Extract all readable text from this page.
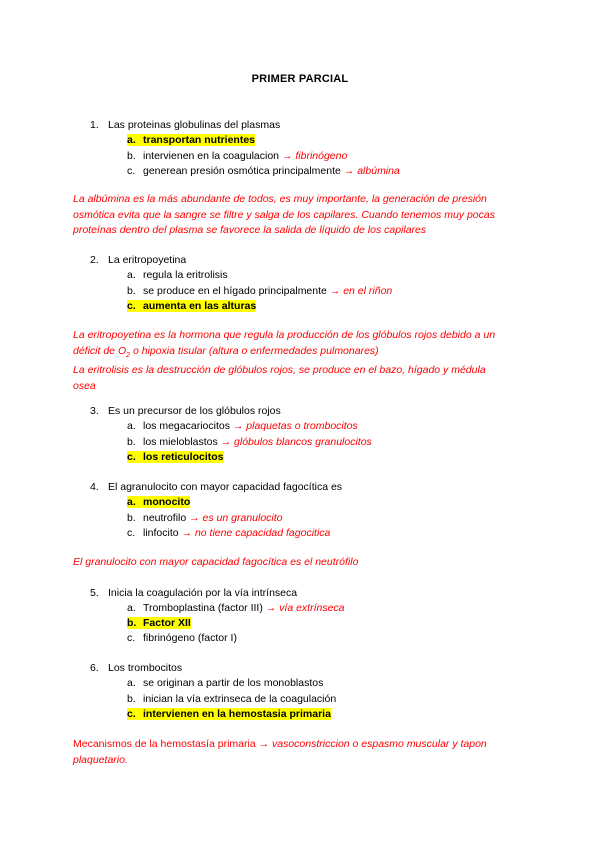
PRIMER PARCIAL
1. Las proteinas globulinas del plasmas
a. transportan nutrientes
b. intervienen en la coagulacion → fibrinógeno
c. generean presión osmótica principalmente → albúmina
La albúmina es la más abundante de todos, es muy importante, la generación de presión
osmótica evita que la sangre se filtre y salga de los capilares. Cuando tenemos muy pocas
proteínas dentro del plasma se favorece la salida de líquido de los capilares
2. La eritropoyetina
a. regula la eritrolisis
b. se produce en el hígado principalmente → en el riñon
c. aumenta en las alturas
La eritropoyetina es la hormona que regula la producción de los glóbulos rojos debido a un
déficit de $O_2$ o hipoxia tisular (altura o enfermedades pulmonares)
La eritrolisis es la destrucción de glóbulos rojos, se produce en el bazo, hígado y médula
osea
3. Es un precursor de los glóbulos rojos
a. los megacariocitos → plaquetas o trombocitos
b. los mieloblastos → glóbulos blancos granulocitos
c. los reticulocitos
4. El agranulocito con mayor capacidad fagocítica es
a. monocito
b. neutrofilo → es un granulocito
c. linfocito → no tiene capacidad fagocitica
El granulocito con mayor capacidad fagocítica es el neutrófilo
5. Inicia la coagulación por la vía intrínseca
a. Tromboplastina (factor III) → vía extrínseca
b. Factor XII
c. fibrinógeno (factor I)
6. Los trombocitos
a. se originan a partir de los monoblastos
b. inician la vía extrinseca de la coagulación
c. intervienen en la hemostasia primaria
Mecanismos de la hemostasía primaria → vasoconstriccion o espasmo muscular y tapon
plaquetario.
